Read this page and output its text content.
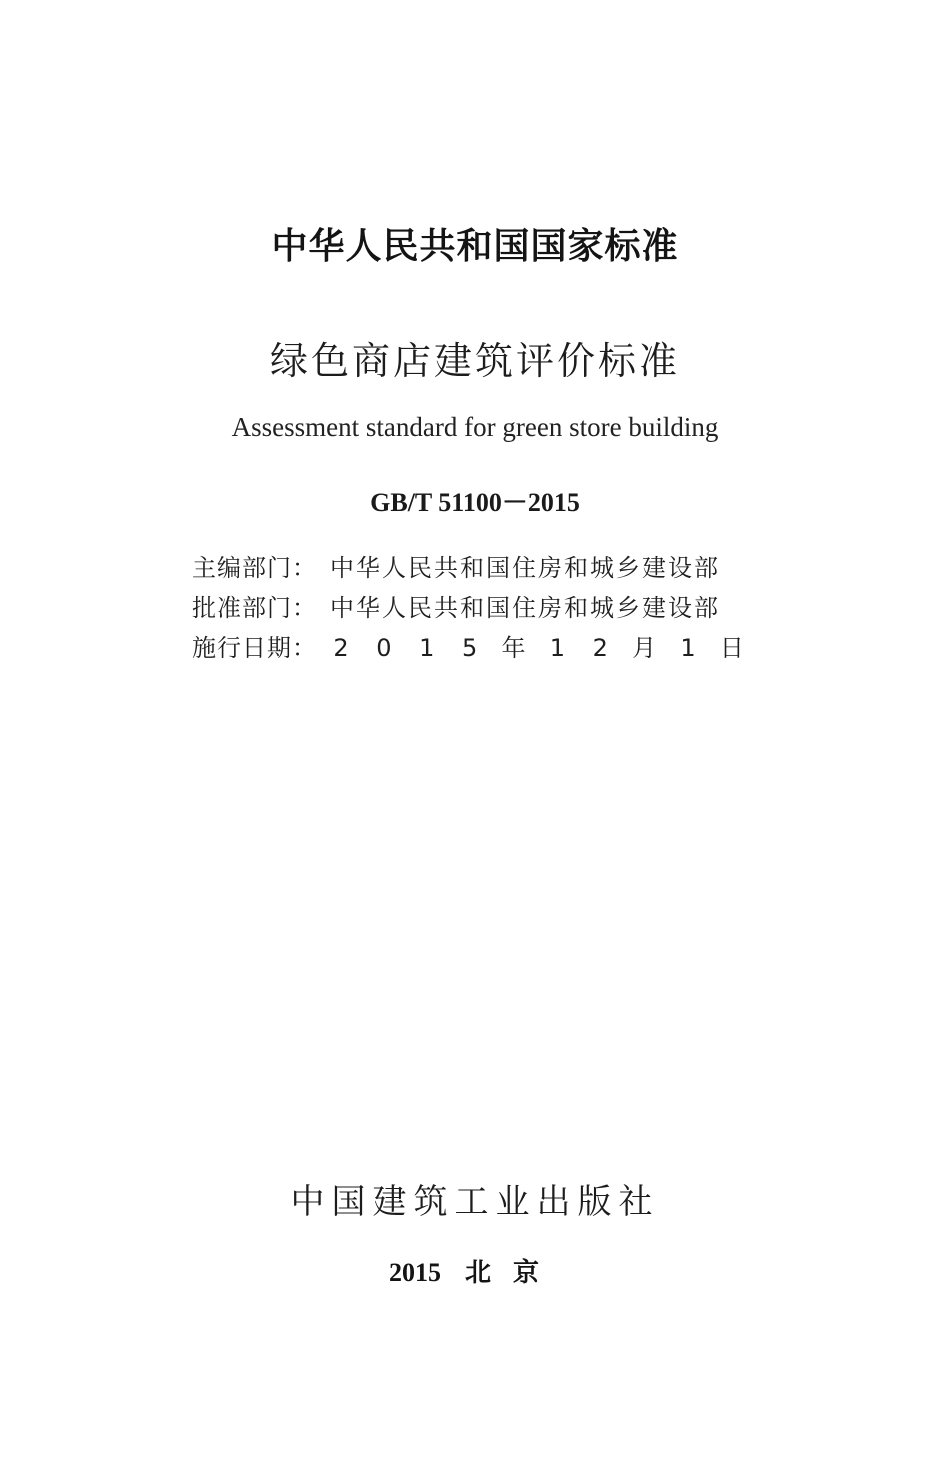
中华人民共和国国家标准
绿色商店建筑评价标准
Assessment standard for green store building
GB/T 51100－2015
主编部门： 中华人民共和国住房和城乡建设部
批准部门： 中华人民共和国住房和城乡建设部
施行日期： 2 0 1 5 年 1 2 月 1 日
中国建筑工业出版社
2015 北京
